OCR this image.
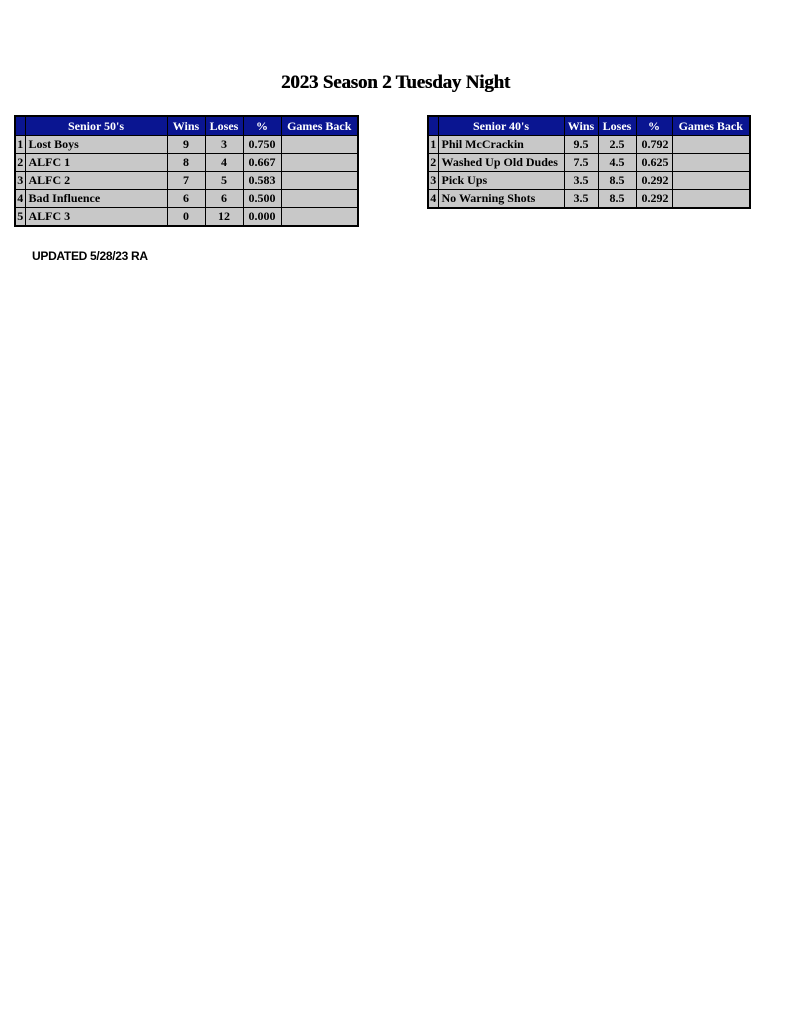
2023 Season 2 Tuesday Night
	Senior 50's	Wins	Loses	%	Games Back
1	Lost Boys	9	3	0.750	
2	ALFC 1	8	4	0.667	
3	ALFC 2	7	5	0.583	
4	Bad Influence	6	6	0.500	
5	ALFC 3	0	12	0.000	
	Senior 40's	Wins	Loses	%	Games Back
1	Phil McCrackin	9.5	2.5	0.792	
2	Washed Up Old Dudes	7.5	4.5	0.625	
3	Pick Ups	3.5	8.5	0.292	
4	No Warning Shots	3.5	8.5	0.292	
UPDATED 5/28/23 RA
